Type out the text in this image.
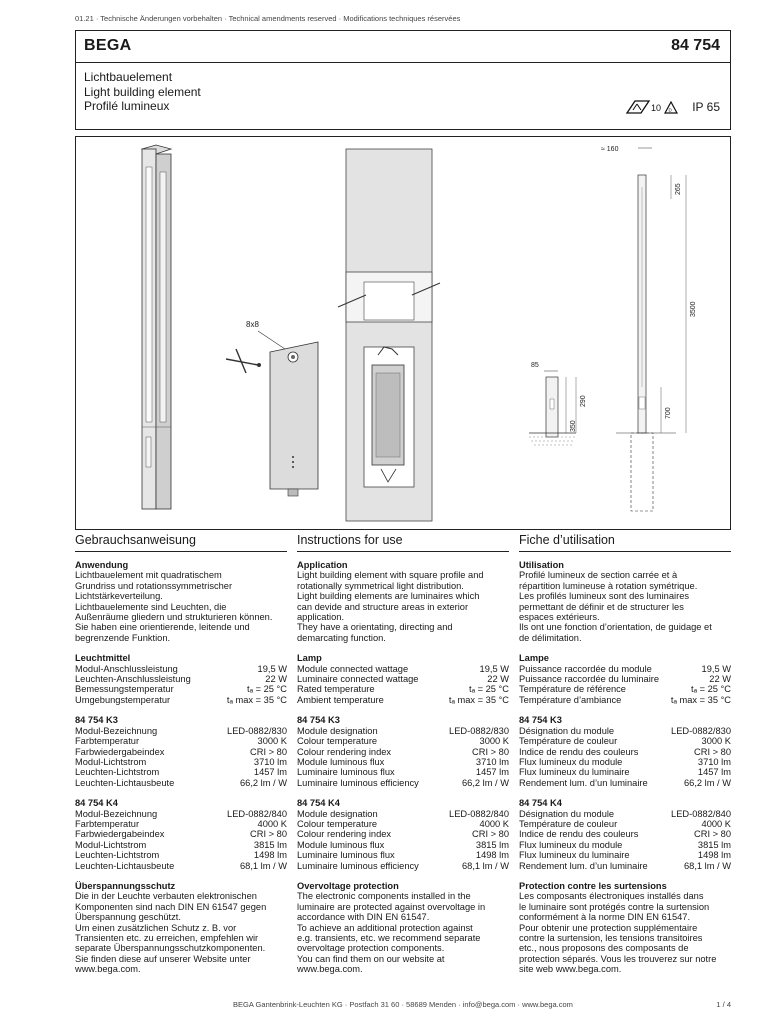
01.21 · Technische Änderungen vorbehalten · Technical amendments reserved · Modifications techniques réservées
BEGA	84 754
Lichtbauelement
Light building element
Profilé lumineux	10 D IP 65
8x8
85
350
290
≈ 160
265
3500
700
Gebrauchsanweisung
Anwendung
Lichtbauelement mit quadratischem
Grundriss und rotationssymmetrischer
Lichtstärkeverteilung.
Lichtbauelemente sind Leuchten, die
Außenräume gliedern und strukturieren können.
Sie haben eine orientierende, leitende und
begrenzende Funktion.
Leuchtmittel
Modul-Anschlussleistung	19,5 W
Leuchten-Anschlussleistung	22 W
Bemessungstemperatur	tₐ = 25 °C
Umgebungstemperatur	tₐ max = 35 °C
84 754 K3
Modul-Bezeichnung	LED-0882/830
Farbtemperatur	3000 K
Farbwiedergabeindex	CRI > 80
Modul-Lichtstrom	3710 lm
Leuchten-Lichtstrom	1457 lm
Leuchten-Lichtausbeute	66,2 lm / W
84 754 K4
Modul-Bezeichnung	LED-0882/840
Farbtemperatur	4000 K
Farbwiedergabeindex	CRI > 80
Modul-Lichtstrom	3815 lm
Leuchten-Lichtstrom	1498 lm
Leuchten-Lichtausbeute	68,1 lm / W
Überspannungsschutz
Die in der Leuchte verbauten elektronischen
Komponenten sind nach DIN EN 61547 gegen
Überspannung geschützt.
Um einen zusätzlichen Schutz z. B. vor
Transienten etc. zu erreichen, empfehlen wir
separate Überspannungsschutzkomponenten.
Sie finden diese auf unserer Website unter
www.bega.com.
Instructions for use
Application
Light building element with square profile and
rotationally symmetrical light distribution.
Light building elements are luminaires which
can devide and structure areas in exterior
application.
They have a orientating, directing and
demarcating function.
Lamp
Module connected wattage	19,5 W
Luminaire connected wattage	22 W
Rated temperature	tₐ = 25 °C
Ambient temperature	tₐ max = 35 °C
84 754 K3
Module designation	LED-0882/830
Colour temperature	3000 K
Colour rendering index	CRI > 80
Module luminous flux	3710 lm
Luminaire luminous flux	1457 lm
Luminaire luminous efficiency	66,2 lm / W
84 754 K4
Module designation	LED-0882/840
Colour temperature	4000 K
Colour rendering index	CRI > 80
Module luminous flux	3815 lm
Luminaire luminous flux	1498 lm
Luminaire luminous efficiency	68,1 lm / W
Overvoltage protection
The electronic components installed in the
luminaire are protected against overvoltage in
accordance with DIN EN 61547.
To achieve an additional protection against
e.g. transients, etc. we recommend separate
overvoltage protection components.
You can find them on our website at
www.bega.com.
Fiche d’utilisation
Utilisation
Profilé lumineux de section carrée et à
répartition lumineuse à rotation symétrique.
Les profilés lumineux sont des luminaires
permettant de définir et de structurer les
espaces extérieurs.
Ils ont une fonction d’orientation, de guidage et
de délimitation.
Lampe
Puissance raccordée du module	19,5 W
Puissance raccordée du luminaire	22 W
Température de référence	tₐ = 25 °C
Température d’ambiance	tₐ max = 35 °C
84 754 K3
Désignation du module	LED-0882/830
Température de couleur	3000 K
Indice de rendu des couleurs	CRI > 80
Flux lumineux du module	3710 lm
Flux lumineux du luminaire	1457 lm
Rendement lum. d’un luminaire	66,2 lm / W
84 754 K4
Désignation du module	LED-0882/840
Température de couleur	4000 K
Indice de rendu des couleurs	CRI > 80
Flux lumineux du module	3815 lm
Flux lumineux du luminaire	1498 lm
Rendement lum. d’un luminaire	68,1 lm / W
Protection contre les surtensions
Les composants électroniques installés dans
le luminaire sont protégés contre la surtension
conformément à la norme DIN EN 61547.
Pour obtenir une protection supplémentaire
contre la surtension, les tensions transitoires
etc., nous proposons des composants de
protection séparés. Vous les trouverez sur notre
site web www.bega.com.
BEGA Gantenbrink-Leuchten KG · Postfach 31 60 · 58689 Menden · info@bega.com · www.bega.com	1 / 4
